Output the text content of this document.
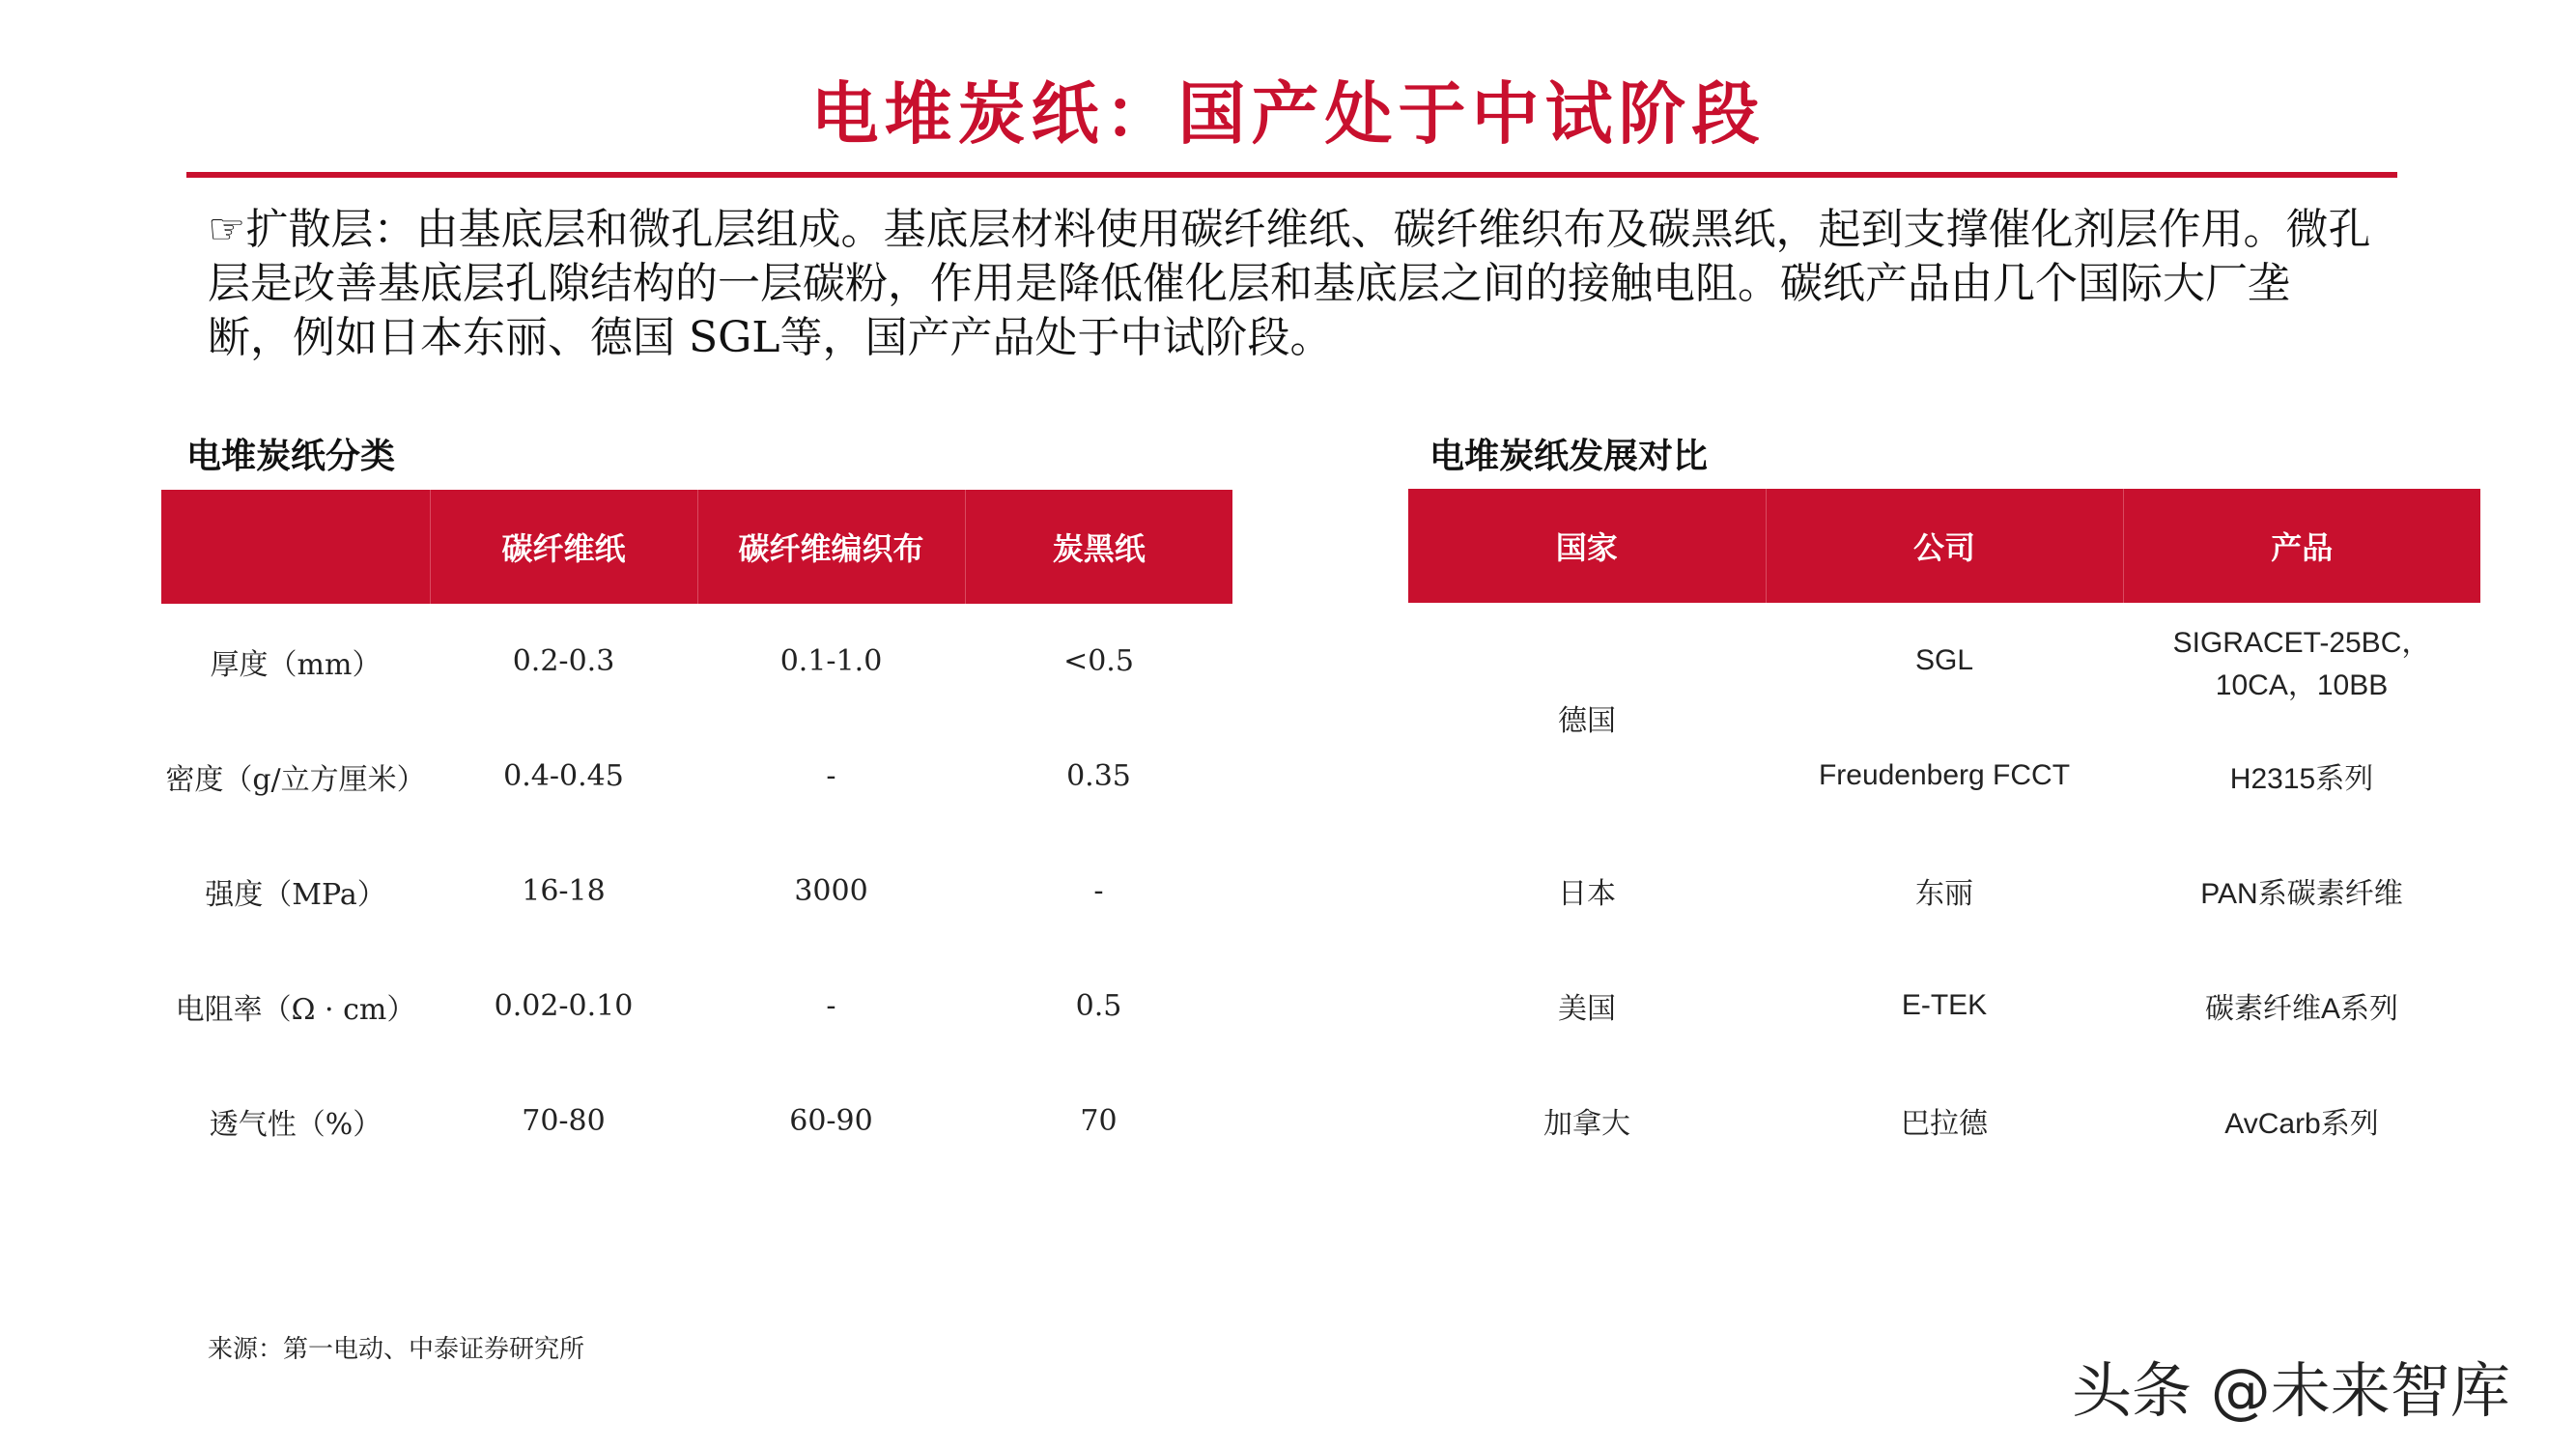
电堆炭纸：国产处于中试阶段
☞扩散层：由基底层和微孔层组成。基底层材料使用碳纤维纸、碳纤维织布及碳黑纸，起到支撑催化剂层作用。微孔层是改善基底层孔隙结构的一层碳粉，作用是降低催化层和基底层之间的接触电阻。碳纸产品由几个国际大厂垄断，例如日本东丽、德国 SGL等，国产产品处于中试阶段。
电堆炭纸分类
	碳纤维纸	碳纤维编织布	炭黑纸
厚度（mm）	0.2-0.3	0.1-1.0	<0.5
密度（g/立方厘米）	0.4-0.45	-	0.35
强度（MPa）	16-18	3000	-
电阻率（Ω · cm）	0.02-0.10	-	0.5
透气性（%）	70-80	60-90	70
电堆炭纸发展对比
国家	公司	产品
德国	SGL	SIGRACET-25BC，
10CA，10BB

	Freudenberg FCCT	H2315系列
日本	东丽	PAN系碳素纤维
美国	E-TEK	碳素纤维A系列
加拿大	巴拉德	AvCarb系列
来源：第一电动、中泰证券研究所
头条 @未来智库
